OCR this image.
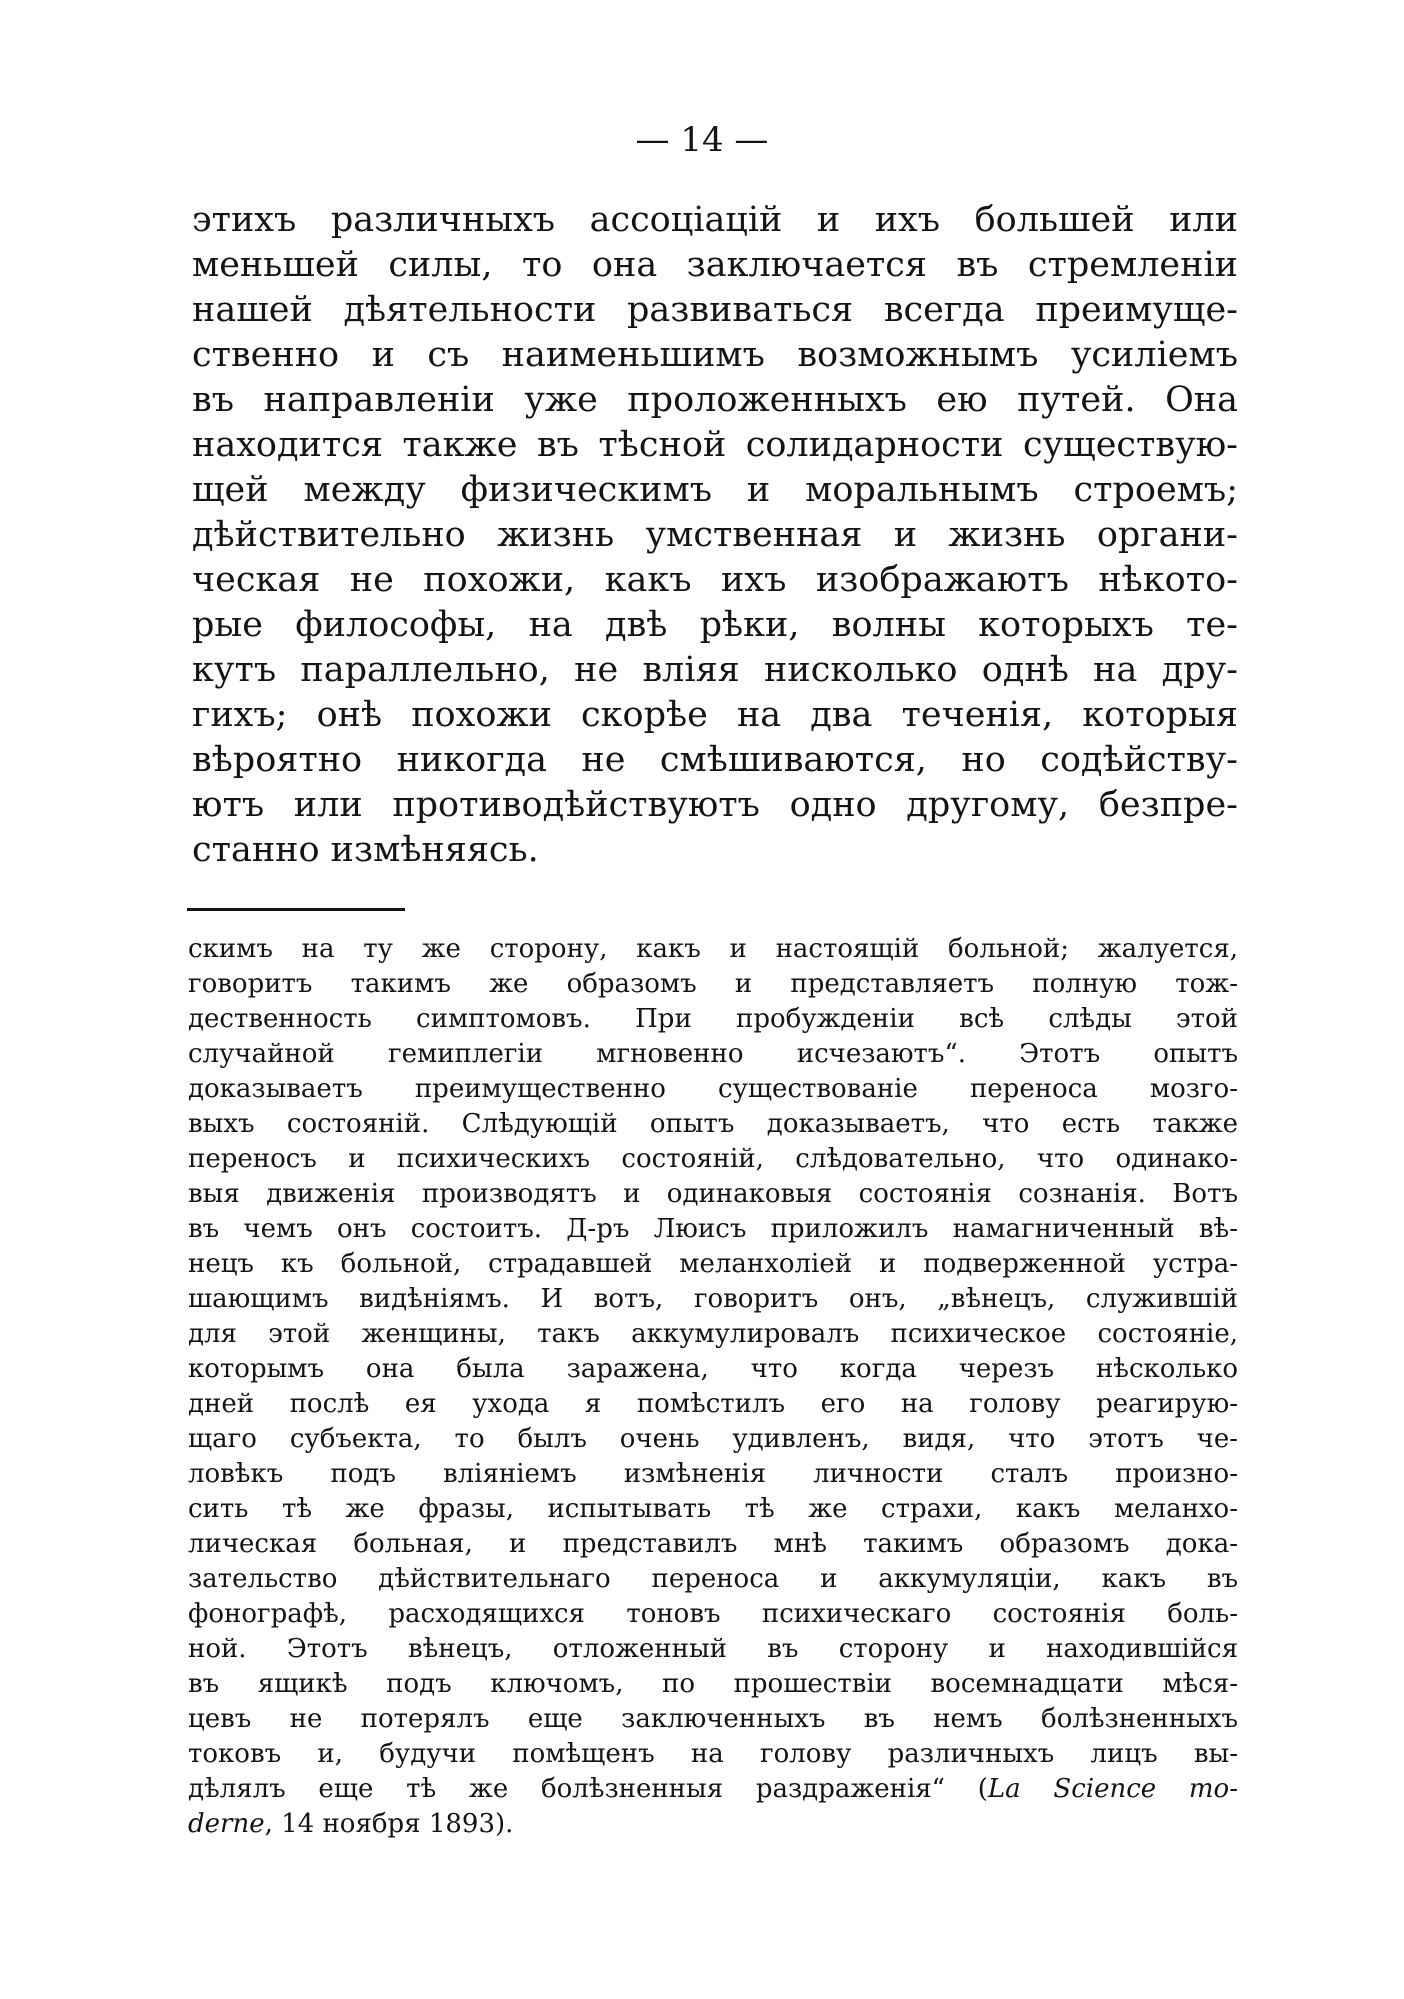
— 14 —
этихъ различныхъ ассоцiацiй и ихъ большей или
меньшей силы, то она заключается въ стремленiи
нашей дѣятельности развиваться всегда преимуще-
ственно и съ наименьшимъ возможнымъ усилiемъ
въ направленiи уже проложенныхъ ею путей. Она
находится также въ тѣсной солидарности существую-
щей между физическимъ и моральнымъ строемъ;
дѣйствительно жизнь умственная и жизнь органи-
ческая не похожи, какъ ихъ изображаютъ нѣкото-
рые философы, на двѣ рѣки, волны которыхъ те-
кутъ параллельно, не влiяя нисколько однѣ на дру-
гихъ; онѣ похожи скорѣе на два теченiя, которыя
вѣроятно никогда не смѣшиваются, но содѣйству-
ютъ или противодѣйствуютъ одно другому, безпре-
станно измѣняясь.
скимъ на ту же сторону, какъ и настоящiй больной; жалуется,
говоритъ такимъ же образомъ и представляетъ полную тож-
дественность симптомовъ. При пробужденiи всѣ слѣды этой
случайной гемиплегiи мгновенно исчезаютъ“. Этотъ опытъ
доказываетъ преимущественно существованiе переноса мозго-
выхъ состоянiй. Слѣдующiй опытъ доказываетъ, что есть также
переносъ и психическихъ состоянiй, слѣдовательно, что одинако-
выя движенiя производятъ и одинаковыя состоянiя сознанiя. Вотъ
въ чемъ онъ состоитъ. Д-ръ Люисъ приложилъ намагниченный вѣ-
нецъ къ больной, страдавшей меланхолiей и подверженной устра-
шающимъ видѣнiямъ. И вотъ, говоритъ онъ, „вѣнецъ, служившiй
для этой женщины, такъ аккумулировалъ психическое состоянiе,
которымъ она была заражена, что когда черезъ нѣсколько
дней послѣ ея ухода я помѣстилъ его на голову реагирую-
щаго субъекта, то былъ очень удивленъ, видя, что этотъ че-
ловѣкъ подъ влiянiемъ измѣненiя личности сталъ произно-
сить тѣ же фразы, испытывать тѣ же страхи, какъ меланхо-
лическая больная, и представилъ мнѣ такимъ образомъ дока-
зательство дѣйствительнаго переноса и аккумуляцiи, какъ въ
фонографѣ, расходящихся тоновъ психическаго состоянiя боль-
ной. Этотъ вѣнецъ, отложенный въ сторону и находившiйся
въ ящикѣ подъ ключомъ, по прошествiи восемнадцати мѣся-
цевъ не потерялъ еще заключенныхъ въ немъ болѣзненныхъ
токовъ и, будучи помѣщенъ на голову различныхъ лицъ вы-
дѣлялъ еще тѣ же болѣзненныя раздраженiя“ (La Science mo-
derne, 14 ноября 1893).
